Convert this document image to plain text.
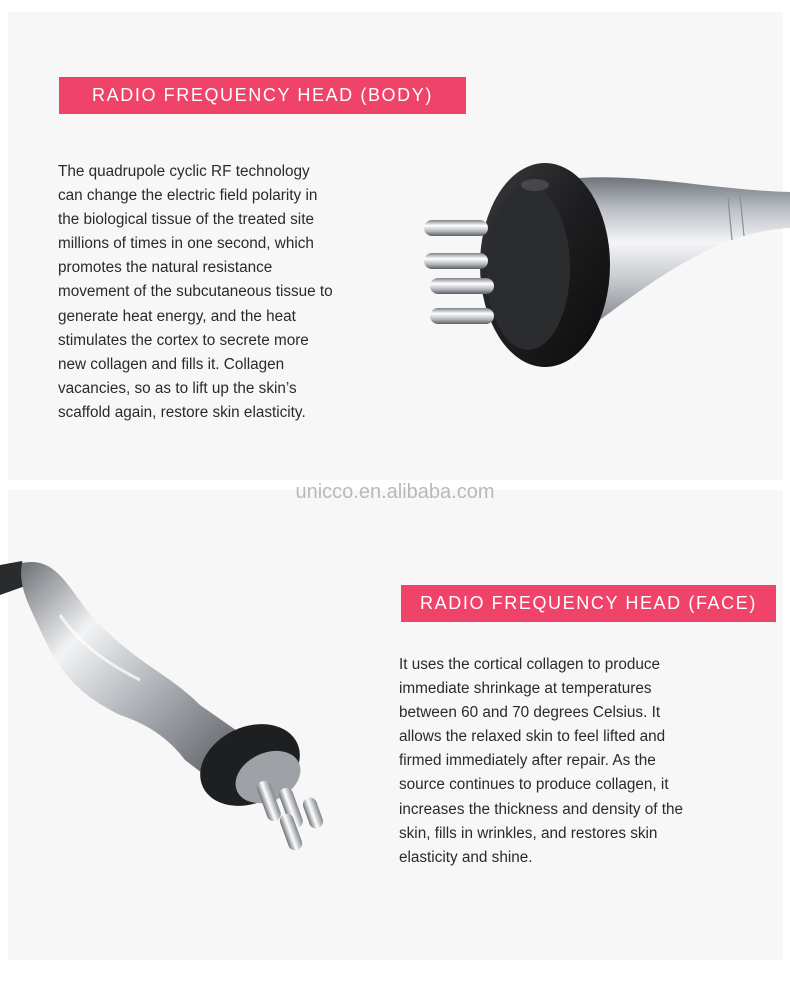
RADIO FREQUENCY HEAD (BODY)

The quadrupole cyclic RF technology
can change the electric field polarity in
the biological tissue of the treated site
millions of times in one second, which
promotes the natural resistance
movement of the subcutaneous tissue to
generate heat energy, and the heat
stimulates the cortex to secrete more
new collagen and fills it. Collagen
vacancies, so as to lift up the skin’s
scaffold again, restore skin elasticity.

unicco.en.alibaba.com
RADIO FREQUENCY HEAD (FACE)

It uses the cortical collagen to produce
immediate shrinkage at temperatures
between 60 and 70 degrees Celsius. It
allows the relaxed skin to feel lifted and
firmed immediately after repair. As the
source continues to produce collagen, it
increases the thickness and density of the
skin, fills in wrinkles, and restores skin
elasticity and shine.
